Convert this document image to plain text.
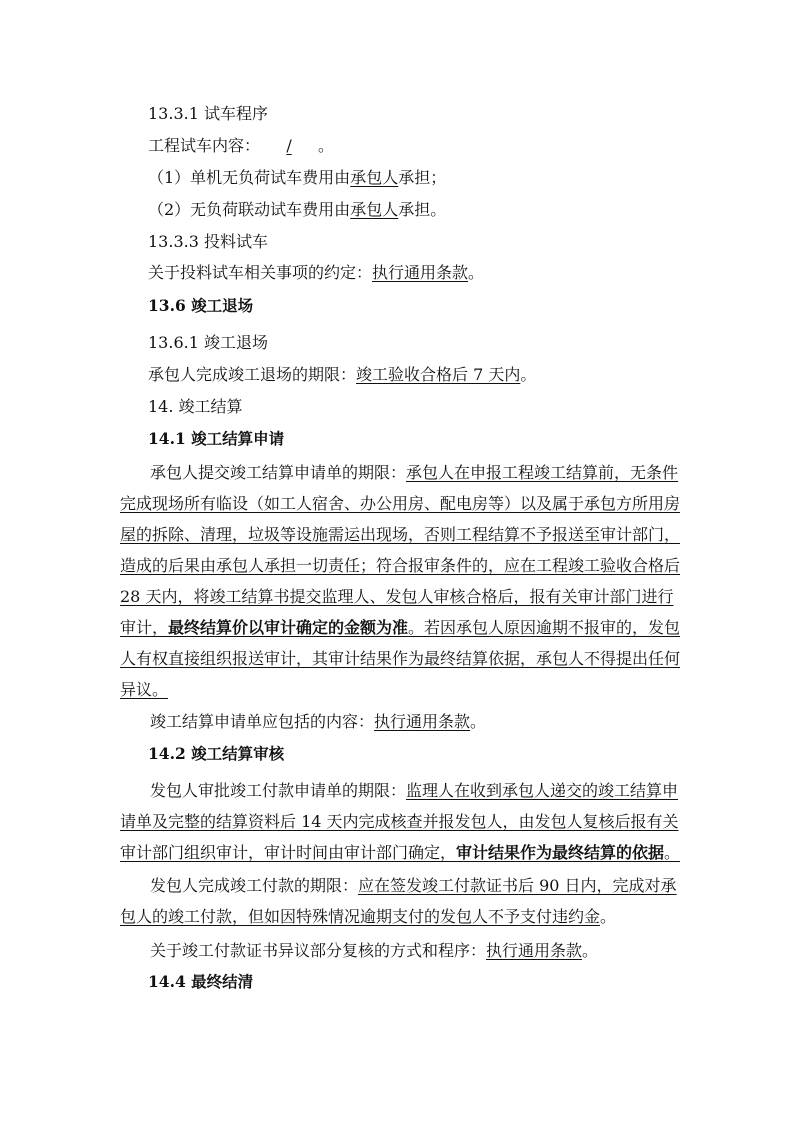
13.3.1 试车程序
工程试车内容： / 。
（1）单机无负荷试车费用由承包人承担；
（2）无负荷联动试车费用由承包人承担。
13.3.3 投料试车
关于投料试车相关事项的约定：执行通用条款。
13.6 竣工退场
13.6.1 竣工退场
承包人完成竣工退场的期限：竣工验收合格后 7 天内。
14. 竣工结算
14.1 竣工结算申请
承包人提交竣工结算申请单的期限：承包人在申报工程竣工结算前，无条件
完成现场所有临设（如工人宿舍、办公用房、配电房等）以及属于承包方所用房
屋的拆除、清理，垃圾等设施需运出现场，否则工程结算不予报送至审计部门，
造成的后果由承包人承担一切责任；符合报审条件的，应在工程竣工验收合格后
28 天内，将竣工结算书提交监理人、发包人审核合格后，报有关审计部门进行
审计，最终结算价以审计确定的金额为准。若因承包人原因逾期不报审的，发包
人有权直接组织报送审计，其审计结果作为最终结算依据，承包人不得提出任何
异议。
竣工结算申请单应包括的内容：执行通用条款。
14.2 竣工结算审核
发包人审批竣工付款申请单的期限：监理人在收到承包人递交的竣工结算申
请单及完整的结算资料后 14 天内完成核查并报发包人，由发包人复核后报有关
审计部门组织审计，审计时间由审计部门确定，审计结果作为最终结算的依据。
发包人完成竣工付款的期限：应在签发竣工付款证书后 90 日内，完成对承
包人的竣工付款，但如因特殊情况逾期支付的发包人不予支付违约金。
关于竣工付款证书异议部分复核的方式和程序：执行通用条款。
14.4 最终结清
